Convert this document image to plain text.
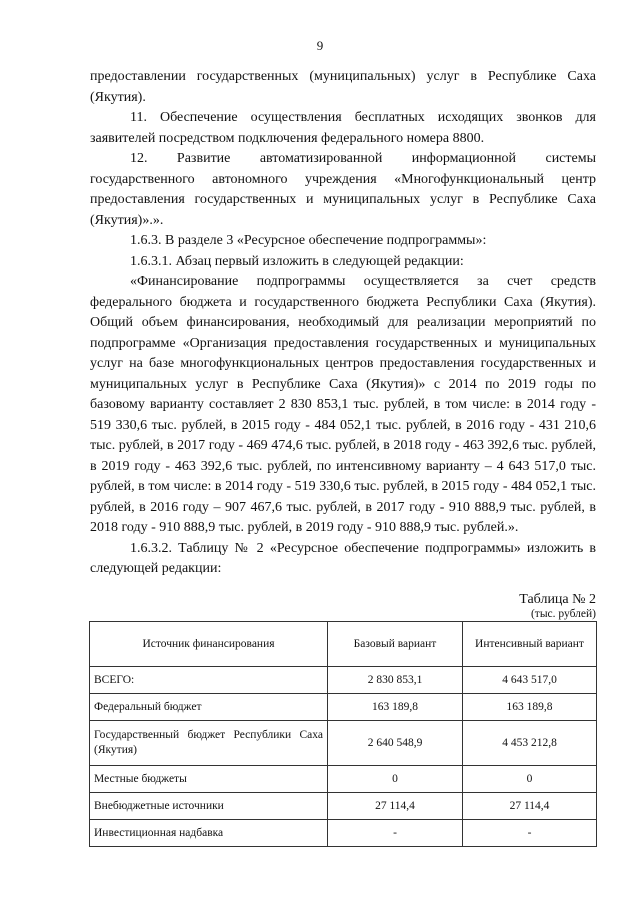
9

предоставлении государственных (муниципальных) услуг в Республике Саха (Якутия).

11. Обеспечение осуществления бесплатных исходящих звонков для заявителей посредством подключения федерального номера 8800.

12. Развитие автоматизированной информационной системы государственного автономного учреждения «Многофункциональный центр предоставления государственных и муниципальных услуг в Республике Саха (Якутия)».».

1.6.3. В разделе 3 «Ресурсное обеспечение подпрограммы»:

1.6.3.1. Абзац первый изложить в следующей редакции:

«Финансирование подпрограммы осуществляется за счет средств федерального бюджета и государственного бюджета Республики Саха (Якутия). Общий объем финансирования, необходимый для реализации мероприятий по подпрограмме «Организация предоставления государственных и муниципальных услуг на базе многофункциональных центров предоставления государственных и муниципальных услуг в Республике Саха (Якутия)» с 2014 по 2019 годы по базовому варианту составляет 2 830 853,1 тыс. рублей, в том числе: в 2014 году - 519 330,6 тыс. рублей, в 2015 году - 484 052,1 тыс. рублей, в 2016 году - 431 210,6 тыс. рублей, в 2017 году - 469 474,6 тыс. рублей, в 2018 году - 463 392,6 тыс. рублей, в 2019 году - 463 392,6 тыс. рублей, по интенсивному варианту – 4 643 517,0 тыс. рублей, в том числе: в 2014 году - 519 330,6 тыс. рублей, в 2015 году - 484 052,1 тыс. рублей, в 2016 году – 907 467,6 тыс. рублей, в 2017 году - 910 888,9 тыс. рублей, в 2018 году - 910 888,9 тыс. рублей, в 2019 году - 910 888,9 тыс. рублей.».

1.6.3.2. Таблицу № 2 «Ресурсное обеспечение подпрограммы» изложить в следующей редакции:

Таблица № 2
(тыс. рублей)
Источник финансирования	Базовый вариант	Интенсивный вариант
ВСЕГО:	2 830 853,1	4 643 517,0
Федеральный бюджет	163 189,8	163 189,8
Государственный бюджет Республики Саха (Якутия)	2 640 548,9	4 453 212,8
Местные бюджеты	0	0
Внебюджетные источники	27 114,4	27 114,4
Инвестиционная надбавка	-	-
